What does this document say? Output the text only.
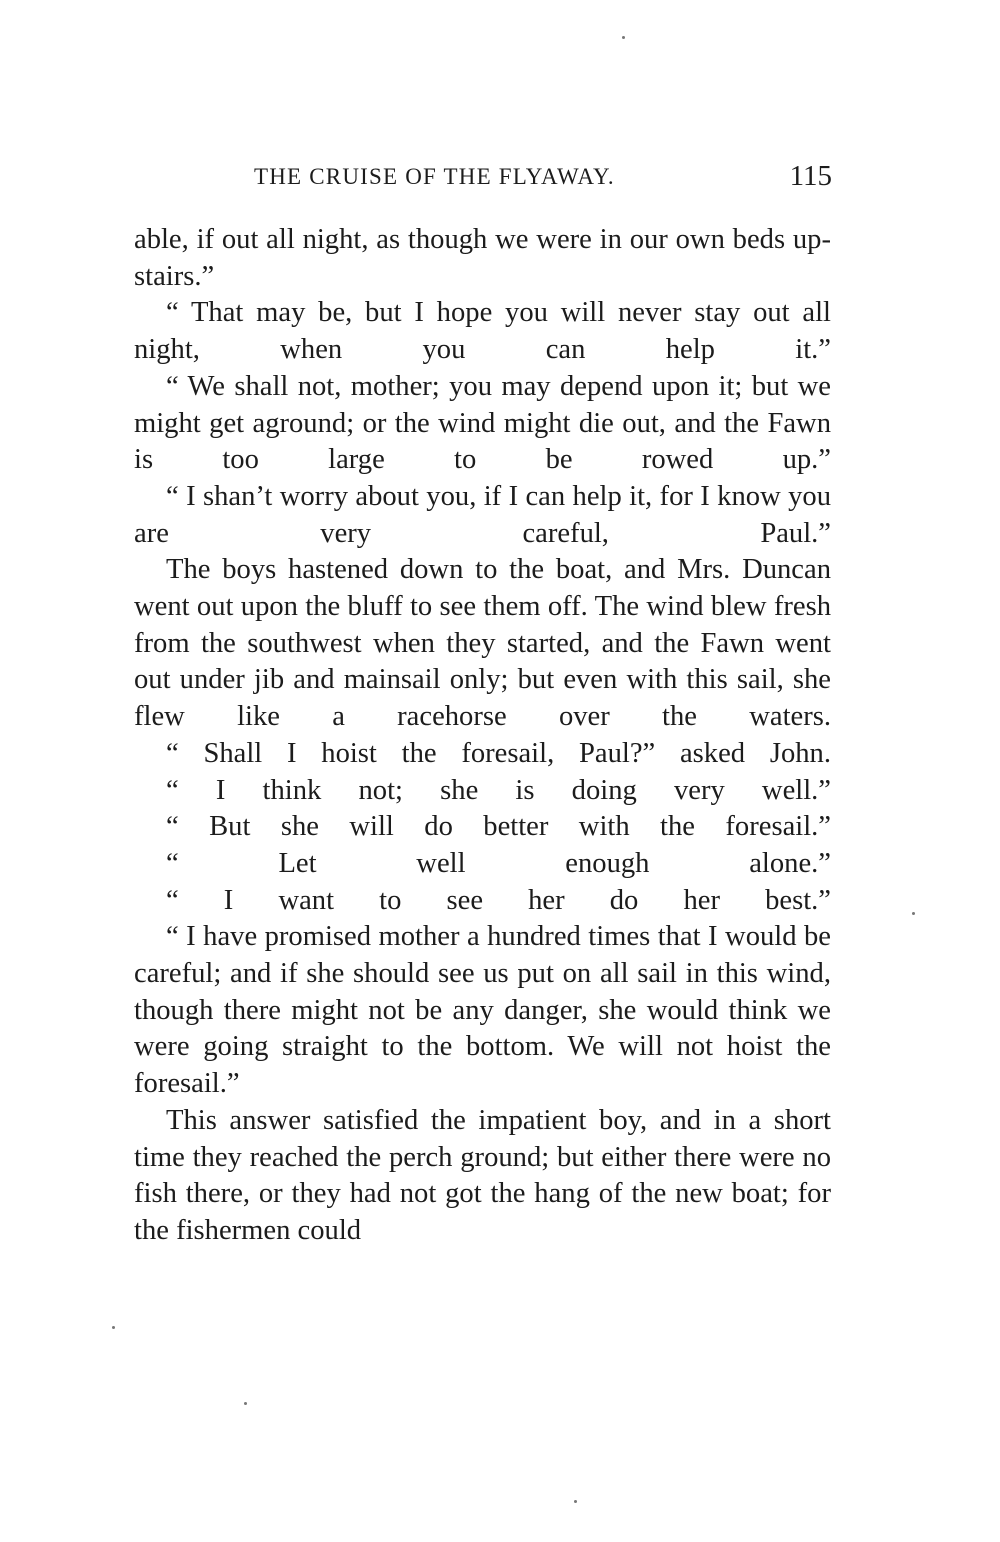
THE CRUISE OF THE FLYAWAY.	115

able, if out all night, as though we were in our own beds up-stairs.”

“ That may be, but I hope you will never stay out all night, when you can help it.”

“ We shall not, mother; you may depend upon it; but we might get aground; or the wind might die out, and the Fawn is too large to be rowed up.”

“ I shan’t worry about you, if I can help it, for I know you are very careful, Paul.”

The boys hastened down to the boat, and Mrs. Duncan went out upon the bluff to see them off. The wind blew fresh from the southwest when they started, and the Fawn went out under jib and mainsail only; but even with this sail, she flew like a racehorse over the waters.

“ Shall I hoist the foresail, Paul?” asked John.

“ I think not; she is doing very well.”

“ But she will do better with the foresail.”

“ Let well enough alone.”

“ I want to see her do her best.”

“ I have promised mother a hundred times that I would be careful; and if she should see us put on all sail in this wind, though there might not be any danger, she would think we were going straight to the bottom. We will not hoist the foresail.”

This answer satisfied the impatient boy, and in a short time they reached the perch ground; but either there were no fish there, or they had not got the hang of the new boat; for the fishermen could
